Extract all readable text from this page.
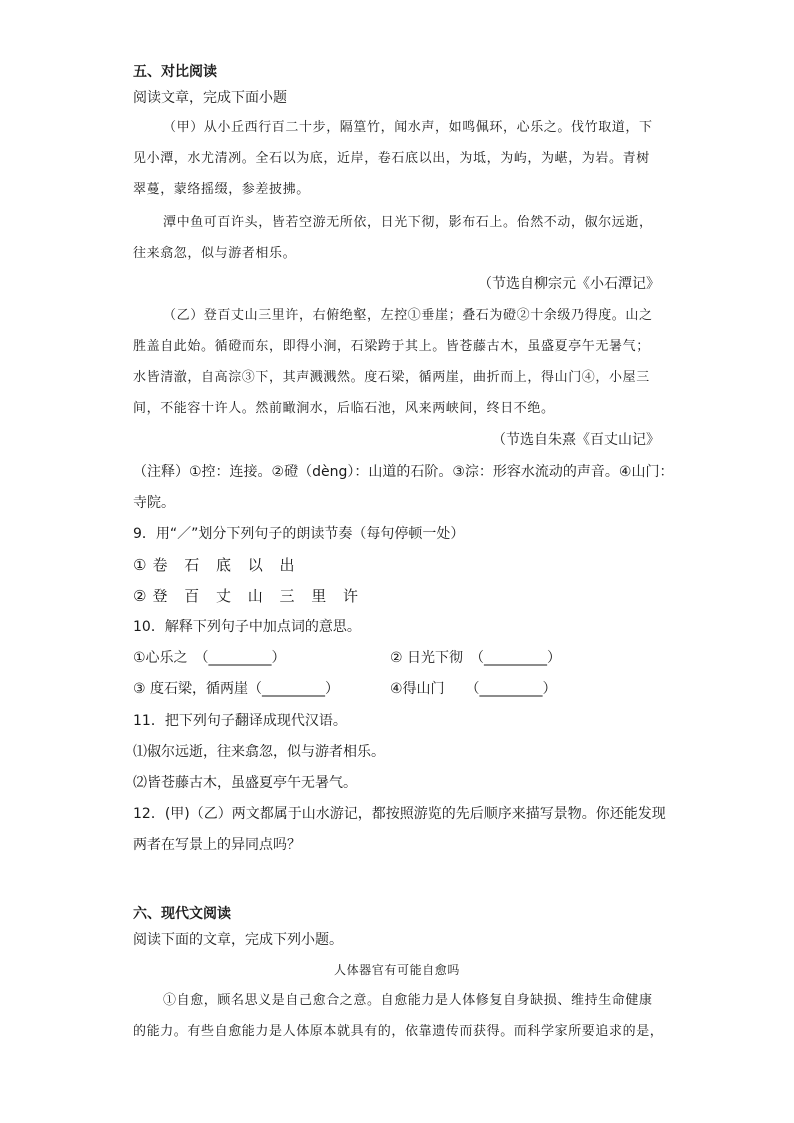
五、对比阅读
阅读文章，完成下面小题
（甲）从小丘西行百二十步，隔篁竹，闻水声，如鸣佩环，心乐之。伐竹取道，下
见小潭，水尤清冽。全石以为底，近岸，卷石底以出，为坻，为屿，为嵁，为岩。青树
翠蔓，蒙络摇缀，参差披拂。
潭中鱼可百许头，皆若空游无所依，日光下彻，影布石上。佁然不动，俶尔远逝，
往来翕忽，似与游者相乐。
（节选自柳宗元《小石潭记》
（乙）登百丈山三里许，右俯绝壑，左控①垂崖；叠石为磴②十余级乃得度。山之
胜盖自此始。循磴而东，即得小涧，石梁跨于其上。皆苍藤古木，虽盛夏亭午无暑气；
水皆清澈，自高淙③下，其声溅溅然。度石梁，循两崖，曲折而上，得山门④，小屋三
间，不能容十许人。然前瞰涧水，后临石池，风来两峡间，终日不绝。
（节选自朱熹《百丈山记》
（注释）①控：连接。②磴（dèng）：山道的石阶。③淙：形容水流动的声音。④山门：
寺院。
9．用“／”划分下列句子的朗读节奏（每句停顿一处）
①卷 石 底 以 出
②登 百 丈 山 三 里 许
10．解释下列句子中加点词的意思。
①心乐之　（_________）	② 日光下彻　（_________）
③ 度石梁，循两崖（_________）	④得山门　　（_________）
11．把下列句子翻译成现代汉语。
⑴俶尔远逝，往来翕忽，似与游者相乐。
⑵皆苍藤古木，虽盛夏亭午无暑气。
12．(甲)（乙）两文都属于山水游记，都按照游览的先后顺序来描写景物。你还能发现
两者在写景上的异同点吗？
六、现代文阅读
阅读下面的文章，完成下列小题。
人体器官有可能自愈吗
①自愈，顾名思义是自己愈合之意。自愈能力是人体修复自身缺损、维持生命健康
的能力。有些自愈能力是人体原本就具有的，依靠遗传而获得。而科学家所要追求的是，
